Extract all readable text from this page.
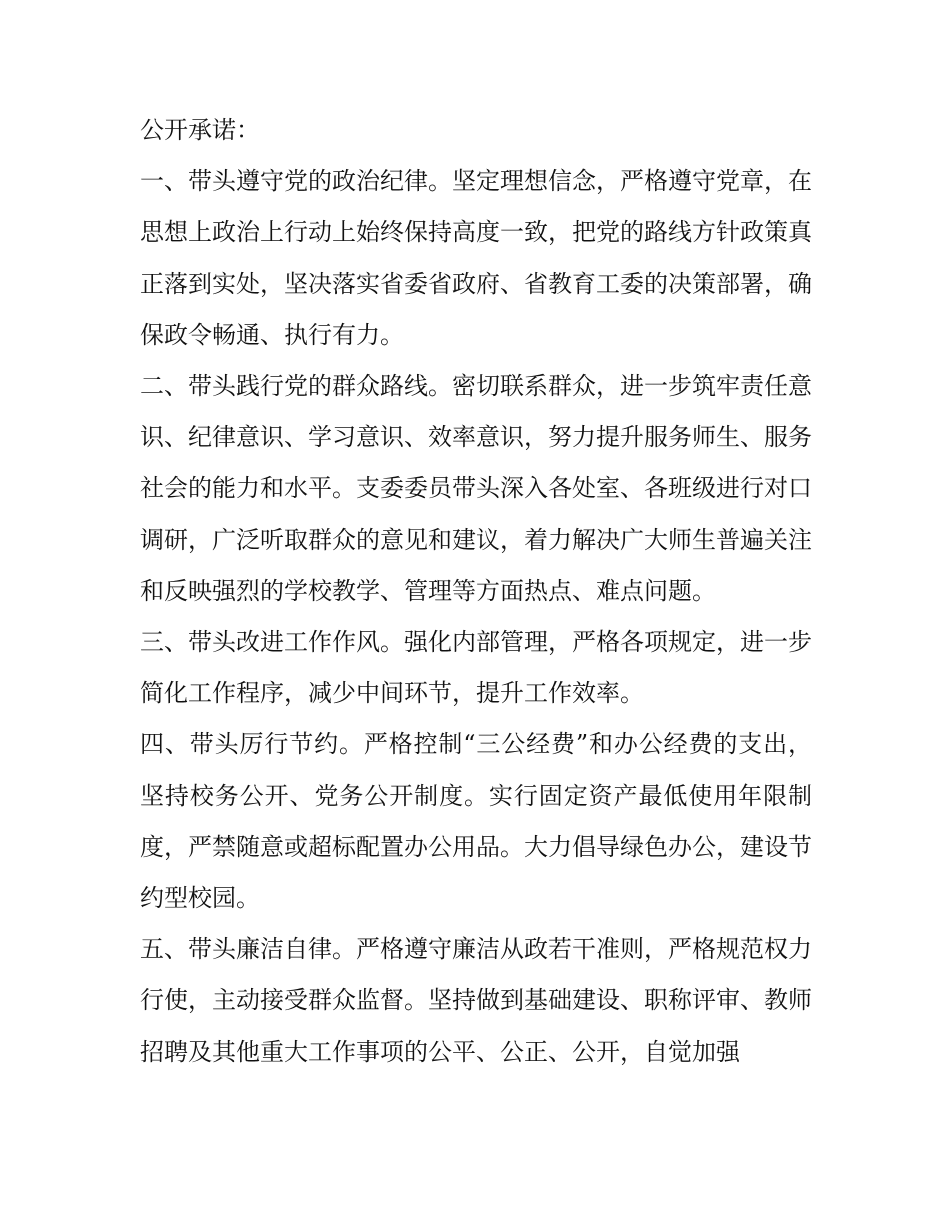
公开承诺：

一、带头遵守党的政治纪律。坚定理想信念，严格遵守党章，在思想上政治上行动上始终保持高度一致，把党的路线方针政策真正落到实处，坚决落实省委省政府、省教育工委的决策部署，确保政令畅通、执行有力。

二、带头践行党的群众路线。密切联系群众，进一步筑牢责任意识、纪律意识、学习意识、效率意识，努力提升服务师生、服务社会的能力和水平。支委委员带头深入各处室、各班级进行对口调研，广泛听取群众的意见和建议，着力解决广大师生普遍关注和反映强烈的学校教学、管理等方面热点、难点问题。

三、带头改进工作作风。强化内部管理，严格各项规定，进一步简化工作程序，减少中间环节，提升工作效率。

四、带头厉行节约。严格控制“三公经费”和办公经费的支出，坚持校务公开、党务公开制度。实行固定资产最低使用年限制度，严禁随意或超标配置办公用品。大力倡导绿色办公，建设节约型校园。

五、带头廉洁自律。严格遵守廉洁从政若干准则，严格规范权力行使，主动接受群众监督。坚持做到基础建设、职称评审、教师招聘及其他重大工作事项的公平、公正、公开，自觉加强
